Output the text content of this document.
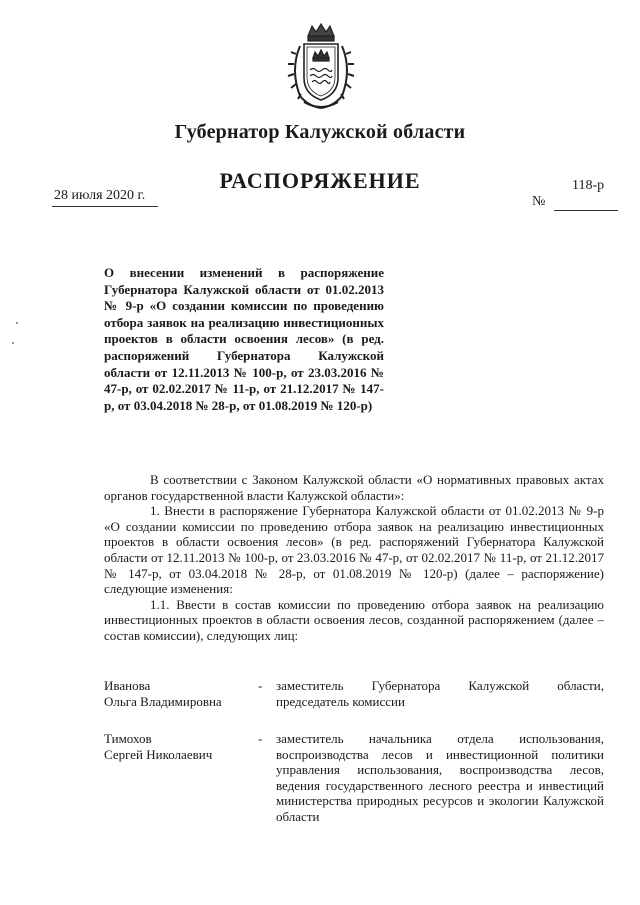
Губернатор Калужской области
РАСПОРЯЖЕНИЕ
28 июля 2020 г.
118-р
№
О внесении изменений в распоряжение Губернатора Калужской области от 01.02.2013 № 9-р «О создании комиссии по проведению отбора заявок на реализацию инвестиционных проектов в области освоения лесов» (в ред. распоряжений Губернатора Калужской области от 12.11.2013 № 100-р, от 23.03.2016 № 47-р, от 02.02.2017 № 11-р, от 21.12.2017 № 147-р, от 03.04.2018 № 28-р, от 01.08.2019 № 120-р)

В соответствии с Законом Калужской области «О нормативных правовых актах органов государственной власти Калужской области»:

1. Внести в распоряжение Губернатора Калужской области от 01.02.2013 № 9-р «О создании комиссии по проведению отбора заявок на реализацию инвестиционных проектов в области освоения лесов» (в ред. распоряжений Губернатора Калужской области от 12.11.2013 № 100-р, от 23.03.2016 № 47-р, от 02.02.2017 № 11-р, от 21.12.2017 № 147-р, от 03.04.2018 № 28-р, от 01.08.2019 № 120-р) (далее – распоряжение) следующие изменения:

1.1. Ввести в состав комиссии по проведению отбора заявок на реализацию инвестиционных проектов в области освоения лесов, созданной распоряжением (далее – состав комиссии), следующих лиц:

Иванова
Ольга Владимировна
- заместитель Губернатора Калужской области, председатель комиссии
Тимохов
Сергей Николаевич
- заместитель начальника отдела использования, воспроизводства лесов и инвестиционной политики управления использования, воспроизводства лесов, ведения государственного лесного реестра и инвестиций министерства природных ресурсов и экологии Калужской области
